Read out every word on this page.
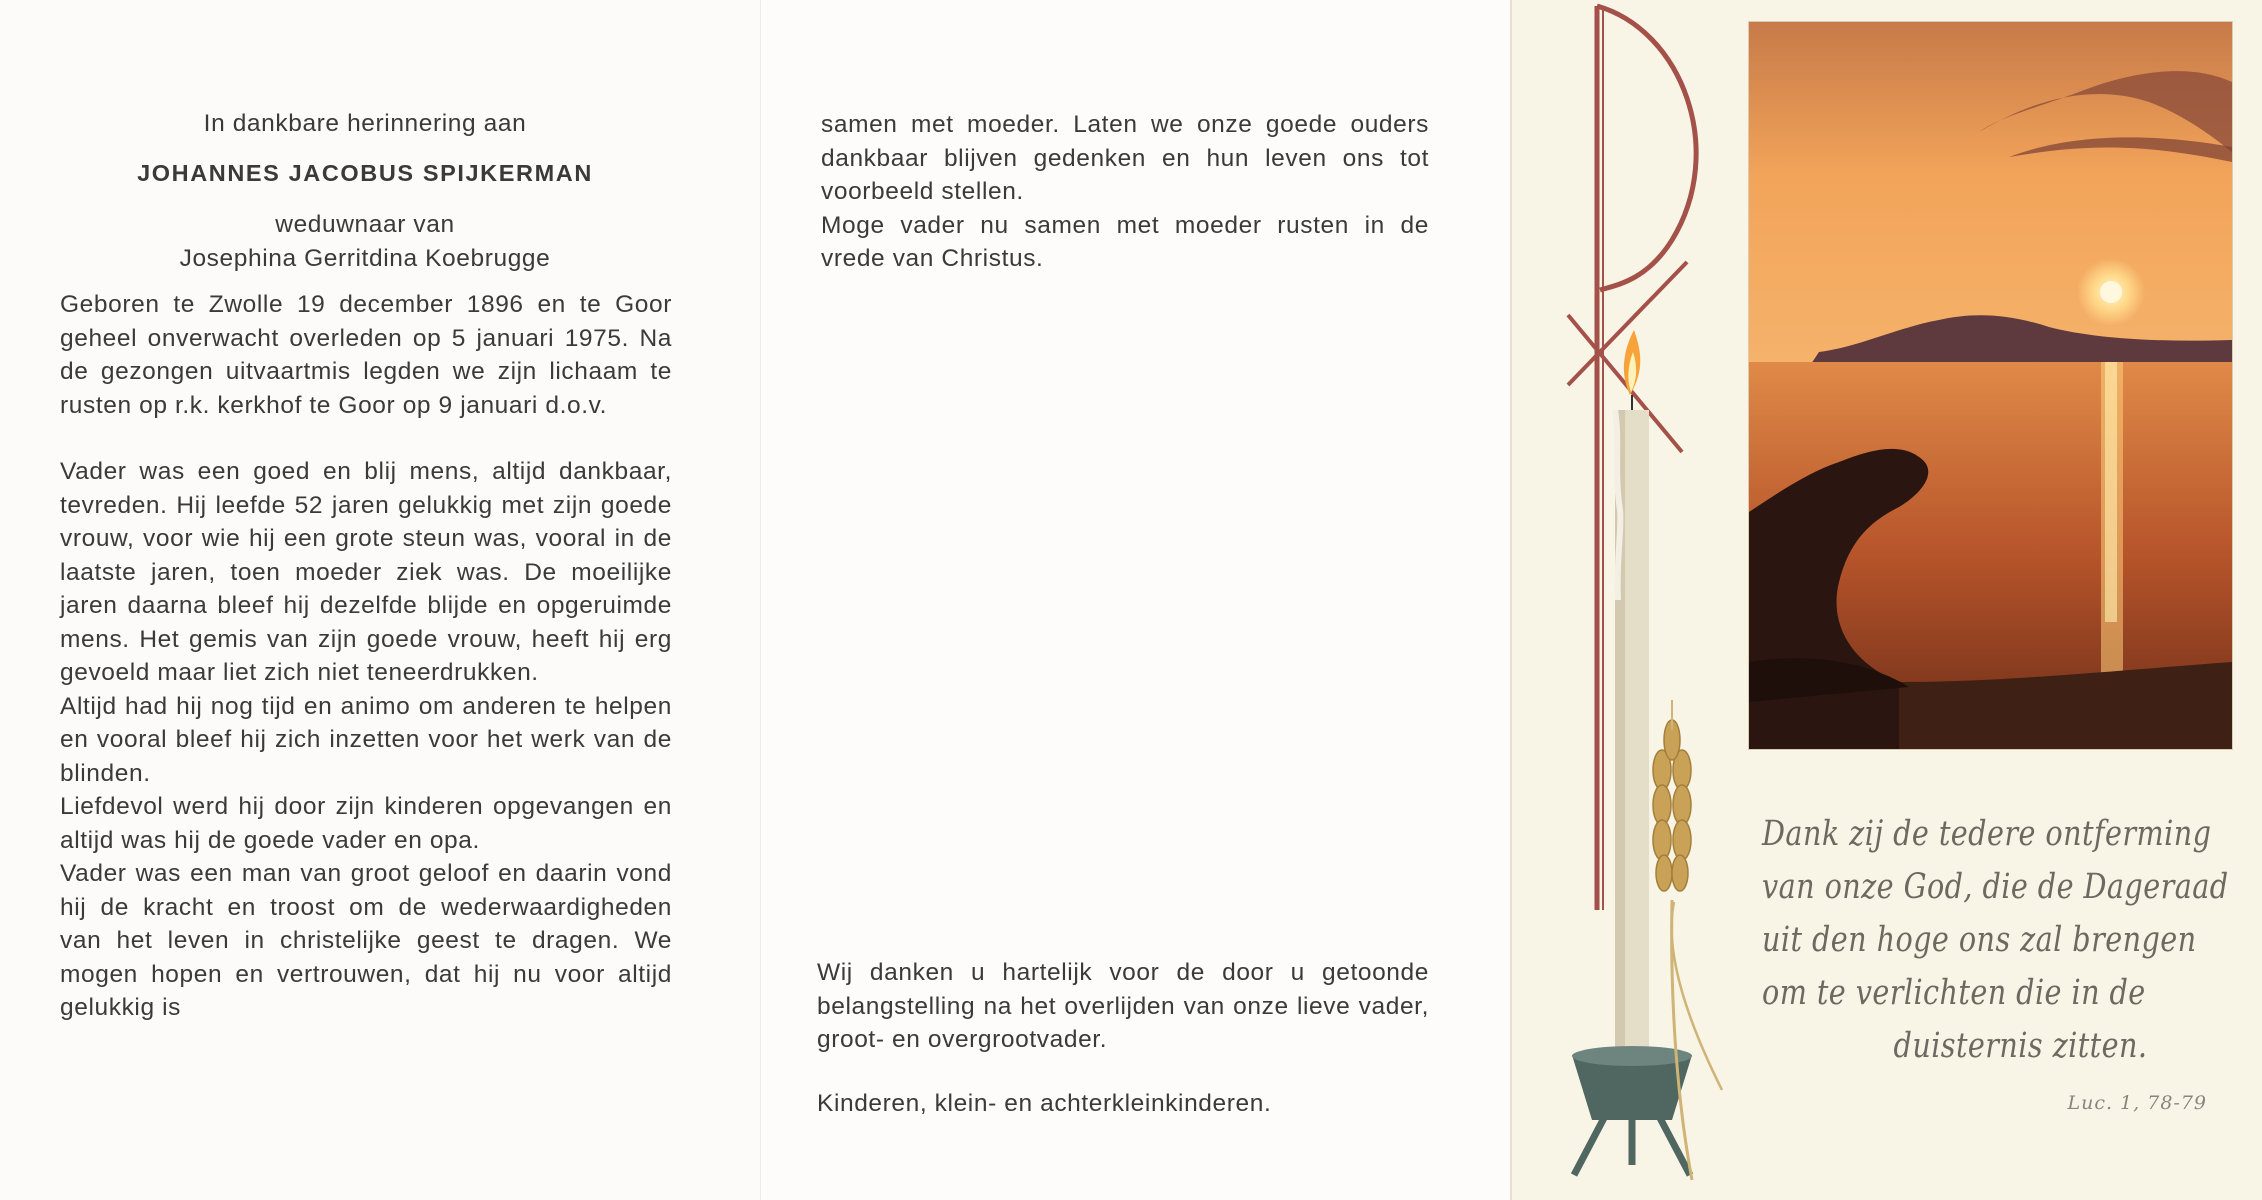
In dankbare herinnering aan
JOHANNES JACOBUS SPIJKERMAN
weduwnaar van
Josephina Gerritdina Koebrugge

Geboren te Zwolle 19 december 1896 en te Goor geheel onverwacht overleden op 5 januari 1975. Na de gezongen uitvaartmis legden we zijn lichaam te rusten op r.k. kerkhof te Goor op 9 januari d.o.v.

Vader was een goed en blij mens, altijd dankbaar, tevreden. Hij leefde 52 jaren gelukkig met zijn goede vrouw, voor wie hij een grote steun was, vooral in de laatste jaren, toen moeder ziek was. De moeilijke jaren daarna bleef hij dezelfde blijde en opgeruimde mens. Het gemis van zijn goede vrouw, heeft hij erg gevoeld maar liet zich niet teneerdrukken.

Altijd had hij nog tijd en animo om anderen te helpen en vooral bleef hij zich inzetten voor het werk van de blinden.

Liefdevol werd hij door zijn kinderen opgevangen en altijd was hij de goede vader en opa.

Vader was een man van groot geloof en daarin vond hij de kracht en troost om de wederwaardigheden van het leven in christelijke geest te dragen. We mogen hopen en vertrouwen, dat hij nu voor altijd gelukkig is

samen met moeder. Laten we onze goede ouders dankbaar blijven gedenken en hun leven ons tot voorbeeld stellen.

Moge vader nu samen met moeder rusten in de vrede van Christus.

Wij danken u hartelijk voor de door u getoonde belangstelling na het overlijden van onze lieve vader, groot- en overgrootvader.

Kinderen, klein- en achterkleinkinderen.

Dank zij de tedere ontferming
van onze God, die de Dageraad
uit den hoge ons zal brengen
om te verlichten die in de
duisternis zitten.
Luc. 1, 78-79
